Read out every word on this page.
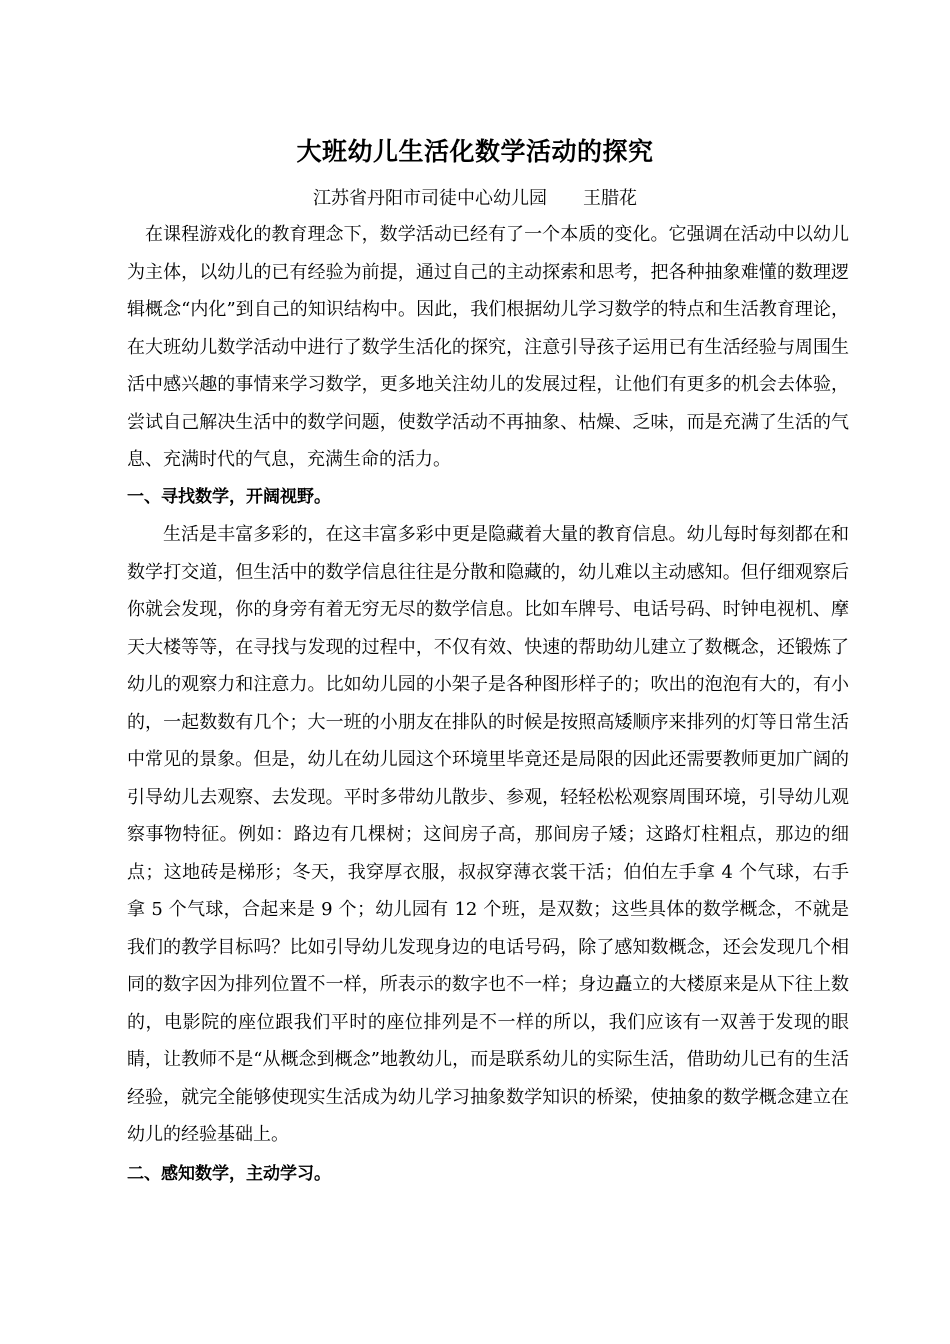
大班幼儿生活化数学活动的探究
江苏省丹阳市司徒中心幼儿园 王腊花

在课程游戏化的教育理念下，数学活动已经有了一个本质的变化。它强调在活动中以幼儿为主体，以幼儿的已有经验为前提，通过自己的主动探索和思考，把各种抽象难懂的数理逻辑概念“内化”到自己的知识结构中。因此，我们根据幼儿学习数学的特点和生活教育理论，在大班幼儿数学活动中进行了数学生活化的探究，注意引导孩子运用已有生活经验与周围生活中感兴趣的事情来学习数学，更多地关注幼儿的发展过程，让他们有更多的机会去体验，尝试自己解决生活中的数学问题，使数学活动不再抽象、枯燥、乏味，而是充满了生活的气息、充满时代的气息，充满生命的活力。

一、寻找数学，开阔视野。

生活是丰富多彩的，在这丰富多彩中更是隐藏着大量的教育信息。幼儿每时每刻都在和数学打交道，但生活中的数学信息往往是分散和隐藏的，幼儿难以主动感知。但仔细观察后你就会发现，你的身旁有着无穷无尽的数学信息。比如车牌号、电话号码、时钟电视机、摩天大楼等等，在寻找与发现的过程中，不仅有效、快速的帮助幼儿建立了数概念，还锻炼了幼儿的观察力和注意力。比如幼儿园的小架子是各种图形样子的；吹出的泡泡有大的，有小的，一起数数有几个；大一班的小朋友在排队的时候是按照高矮顺序来排列的灯等日常生活中常见的景象。但是，幼儿在幼儿园这个环境里毕竟还是局限的因此还需要教师更加广阔的引导幼儿去观察、去发现。平时多带幼儿散步、参观，轻轻松松观察周围环境，引导幼儿观察事物特征。例如：路边有几棵树；这间房子高，那间房子矮；这路灯柱粗点，那边的细点；这地砖是梯形；冬天，我穿厚衣服，叔叔穿薄衣裳干活；伯伯左手拿 4 个气球，右手拿 5 个气球，合起来是 9 个；幼儿园有 12 个班，是双数；这些具体的数学概念，不就是我们的教学目标吗？比如引导幼儿发现身边的电话号码，除了感知数概念，还会发现几个相同的数字因为排列位置不一样，所表示的数字也不一样；身边矗立的大楼原来是从下往上数的，电影院的座位跟我们平时的座位排列是不一样的所以，我们应该有一双善于发现的眼睛，让教师不是“从概念到概念”地教幼儿，而是联系幼儿的实际生活，借助幼儿已有的生活经验，就完全能够使现实生活成为幼儿学习抽象数学知识的桥梁，使抽象的数学概念建立在幼儿的经验基础上。

二、感知数学，主动学习。
